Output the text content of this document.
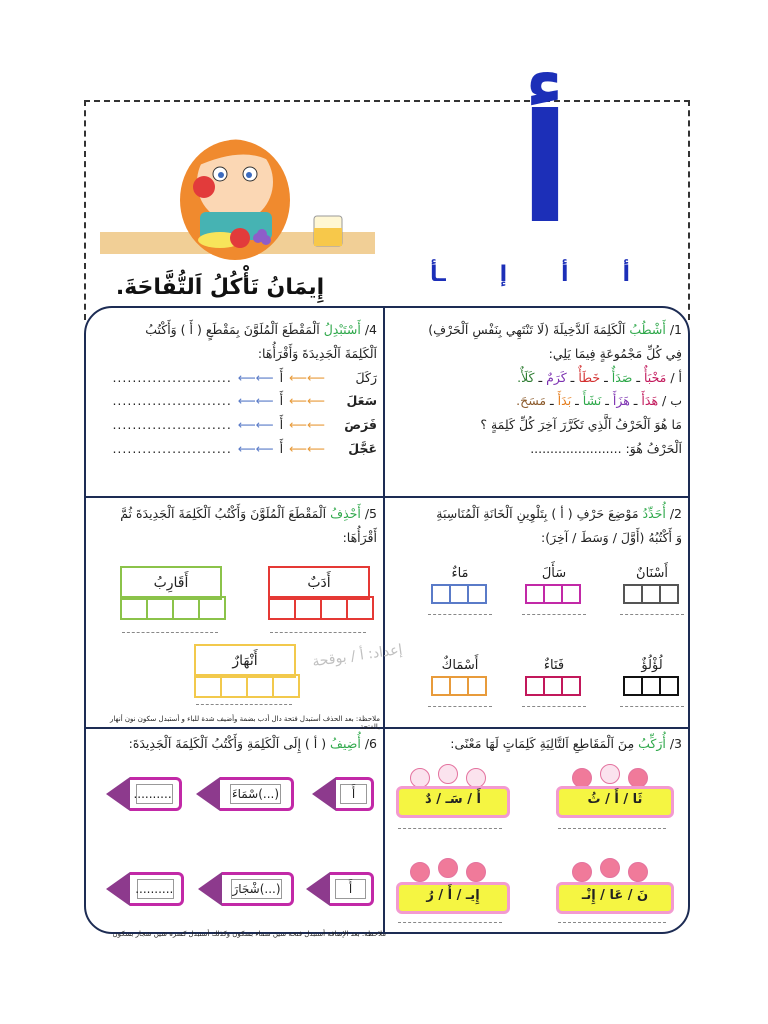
أ
أ
أ
إ
ـأ
إِيمَانُ تَأْكُلُ اَلتُّفَّاحَةَ.
1/ أَشْطُبُ اَلْكَلِمَةَ اَلدَّخِيلَةَ (لَا تَنْتَهِي بِنَفْسِ اَلْحَرْفِ)
فِي كُلِّ مَجْمُوعَةٍ فِيمَا يَلِي:
أ / مَخْبَأٌ ـ صَدَأٌ ـ خَطَأٌ ـ كَرَمٌ ـ كَلَأٌ.
ب / هَدَأَ ـ هَزَأَ ـ نَشَأَ ـ بَدَأَ ـ مَسَحَ.
مَا هُوَ اَلْحَرْفُ اَلَّذِي تَكَرَّرَ آخِرَ كُلِّ كَلِمَةٍ ؟
اَلْحَرْفُ هُوَ: .......................
4/ أَسْتَبْدِلُ اَلْمَقْطَعَ اَلْمُلَوَّنَ بِمَقْطَعٍ ( أَ ) وَأَكْتُبُ
اَلْكَلِمَةَ اَلْجَدِيدَةَ وَأَقْرَأُهَا:
رَكَلَ
⟵⟵
أَ
⟵⟵
........................
سَعَلَ
⟵⟵
أَ
⟵⟵
........................
فَرَصَ
⟵⟵
أَ
⟵⟵
........................
عَجَّلَ
⟵⟵
أَ
⟵⟵
........................
2/ أُحَدِّدُ مَوْضِعَ حَرْفِ ( أ ) بِتَلْوِينِ اَلْخَانَةِ اَلْمُنَاسِبَةِ
وَ أَكْتُبُهُ (أَوَّلَ / وَسَطَ / آخِرَ):
أَسْنَانٌ
سَأَلَ
مَاءٌ
لُؤْلُؤٌ
فَنَاءٌ
أَسْمَاكٌ
5/ أَحْذِفُ اَلْمَقْطَعَ اَلْمُلَوَّنَ وَأَكْتُبُ اَلْكَلِمَةَ اَلْجَدِيدَةَ ثُمَّ
أَقْرَأُهَا:
أَدَبٌ
أَقَارِبُ
أَنْهَارٌ	إعداد: أ / بوقحة
ملاحظة: بعد الحذف أستبدل فتحة دال أدب بضمة وأضيف شدة للباء و أستبدل سكون نون أنهار بالفتحة
3/ أُرَكِّبُ مِنَ اَلْمَقَاطِعِ اَلتَّالِيَةِ كَلِمَاتٍ لَهَا مَعْنًى:
ثَا / أَ / ثُ
أَ / سَـ / دٌ
نَ / عَا / إِنْـ
إِيـ / أَ / رُ
6/ أُضِيفُ ( أ ) إِلَى اَلْكَلِمَةِ وَأَكْتُبُ اَلْكَلِمَةَ اَلْجَدِيدَةَ:
أَ
(...)سْمَاءَ
..........
أَ
(...)شْجَارَ
..........
ملاحظة: بعد الإضافة أستبدل فتحة سين سماء بسكون وكذلك أستبدل كسرة شين شجار بسكون
